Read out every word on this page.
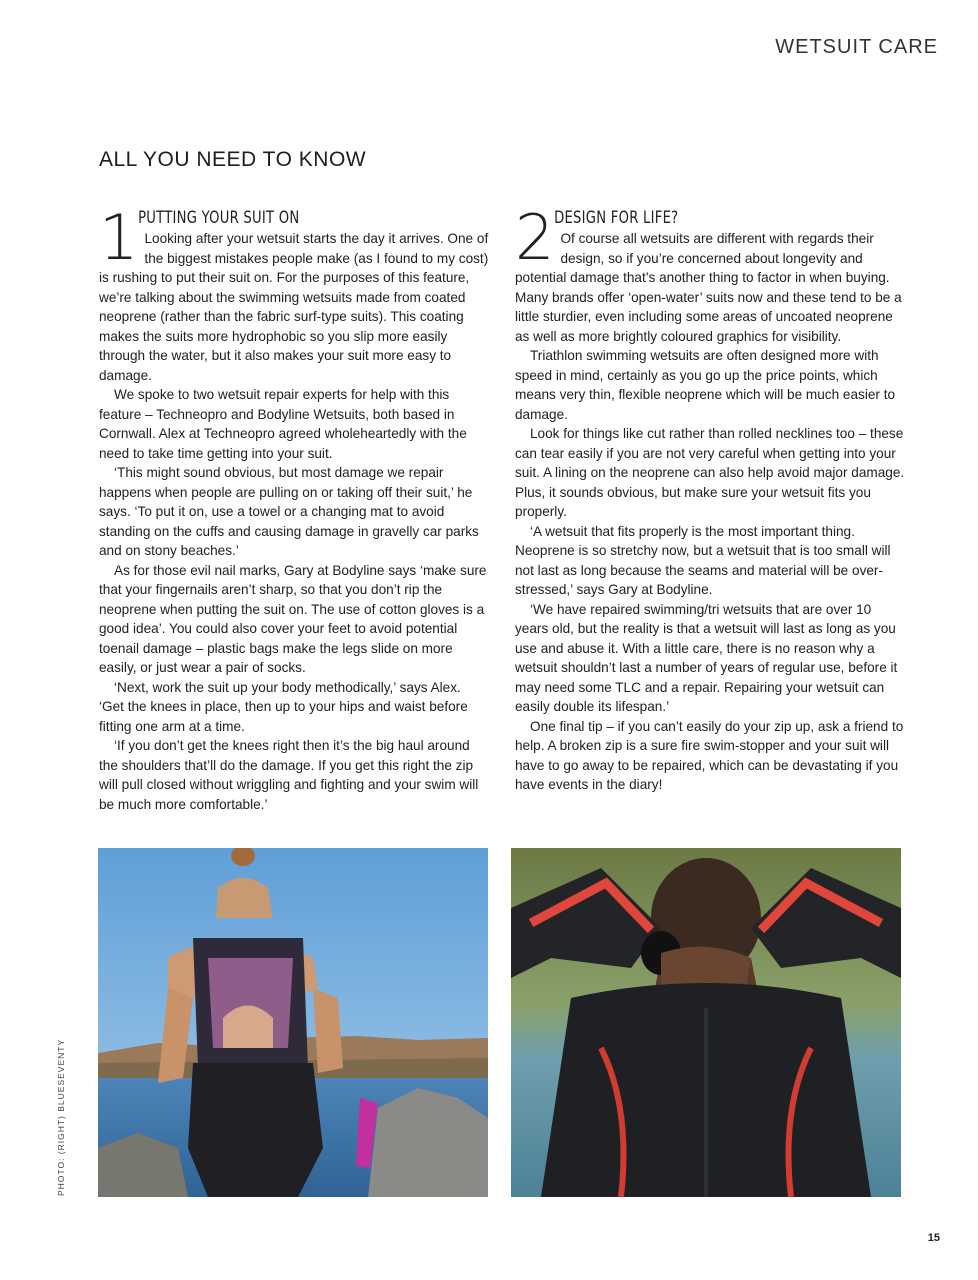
WETSUIT CARE
ALL YOU NEED TO KNOW
1 PUTTING YOUR SUIT ON

Looking after your wetsuit starts the day it arrives. One of the biggest mistakes people make (as I found to my cost) is rushing to put their suit on. For the purposes of this feature, we’re talking about the swimming wetsuits made from coated neoprene (rather than the fabric surf-type suits). This coating makes the suits more hydrophobic so you slip more easily through the water, but it also makes your suit more easy to damage.

We spoke to two wetsuit repair experts for help with this feature – Techneopro and Bodyline Wetsuits, both based in Cornwall. Alex at Techneopro agreed wholeheartedly with the need to take time getting into your suit.

‘This might sound obvious, but most damage we repair happens when people are pulling on or taking off their suit,’ he says. ‘To put it on, use a towel or a changing mat to avoid standing on the cuffs and causing damage in gravelly car parks and on stony beaches.’

As for those evil nail marks, Gary at Bodyline says ‘make sure that your fingernails aren’t sharp, so that you don’t rip the neoprene when putting the suit on. The use of cotton gloves is a good idea’. You could also cover your feet to avoid potential toenail damage – plastic bags make the legs slide on more easily, or just wear a pair of socks.

‘Next, work the suit up your body methodically,’ says Alex. ‘Get the knees in place, then up to your hips and waist before fitting one arm at a time.

‘If you don’t get the knees right then it’s the big haul around the shoulders that’ll do the damage. If you get this right the zip will pull closed without wriggling and fighting and your swim will be much more comfortable.’

2 DESIGN FOR LIFE?

Of course all wetsuits are different with regards their design, so if you’re concerned about longevity and potential damage that’s another thing to factor in when buying. Many brands offer ‘open-water’ suits now and these tend to be a little sturdier, even including some areas of uncoated neoprene as well as more brightly coloured graphics for visibility.

Triathlon swimming wetsuits are often designed more with speed in mind, certainly as you go up the price points, which means very thin, flexible neoprene which will be much easier to damage.

Look for things like cut rather than rolled necklines too – these can tear easily if you are not very careful when getting into your suit. A lining on the neoprene can also help avoid major damage. Plus, it sounds obvious, but make sure your wetsuit fits you properly.

‘A wetsuit that fits properly is the most important thing. Neoprene is so stretchy now, but a wetsuit that is too small will not last as long because the seams and material will be over-stressed,’ says Gary at Bodyline.

‘We have repaired swimming/tri wetsuits that are over 10 years old, but the reality is that a wetsuit will last as long as you use and abuse it. With a little care, there is no reason why a wetsuit shouldn’t last a number of years of regular use, before it may need some TLC and a repair. Repairing your wetsuit can easily double its lifespan.’

One final tip – if you can’t easily do your zip up, ask a friend to help. A broken zip is a sure fire swim-stopper and your suit will have to go away to be repaired, which can be devastating if you have events in the diary!

PHOTO: (RIGHT) BLUESEVENTY
15
